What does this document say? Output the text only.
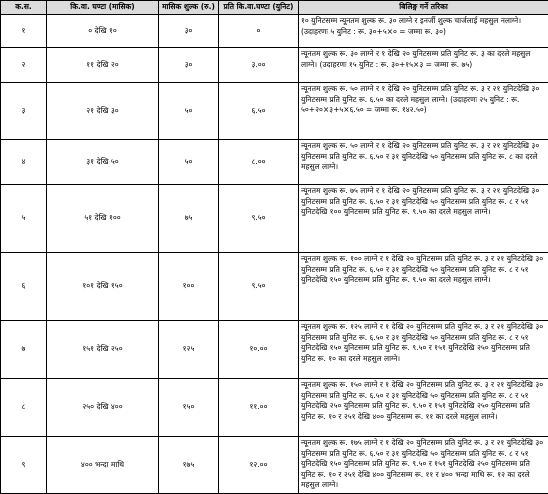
क.स.	कि.वा. घण्टा (मासिक)	मासिक शुल्क (रु.)	प्रति कि.वा.घण्टा (युनिट)	बिलिङ्ग गर्ने तरिका
१	० देखि १०	३०	०	१० युनिटसम्म न्यूनतम शुल्क रू. ३० लाग्ने र इनर्जी शुल्क चार्जलाई महसुल नलाग्ने। (उदाहरणः ५ युनिट : रू. ३०+५×० = जम्मा रू. ३०)
२	११ देखि २०	३०	३.००	न्यूनतम शुल्क रू. ३० लाग्ने र १ देखि २० युनिटसम्म प्रति युनिट रू. ३ का दरले महसुल लाग्ने। (उदाहरणः १५ युनिट : रू. ३०+१५×३ = जम्मा रू. ७५)
३	२१ देखि ३०	५०	६.५०	न्यूनतम शुल्क रू. ५० लाग्ने र १ देखि २० युनिटसम्म प्रति युनिट रू. ३ र २१ युनिटदेखि ३० युनिटसम्म प्रति युनिट रू. ६.५० का दरले महसुल लाग्ने। (उदाहरणः २५ युनिट : रू. ५०+२०×३+५×६.५० = जम्मा रू. १४२.५०)
४	३१ देखि ५०	५०	८.००	न्यूनतम शुल्क रू. ५० लाग्ने र १ देखि २० युनिटसम्म प्रति युनिट रू. ३ र २१ युनिटदेखि ३० युनिटसम्म प्रति युनिट रू. ६.५० र ३१ युनिटदेखि ५० युनिटसम्म प्रति युनिट रू. ८ का दरले महसुल लाग्ने।
५	५१ देखि १००	७५	९.५०	न्यूनतम शुल्क रू. ७५ लाग्ने र १ देखि २० युनिटसम्म प्रति युनिट रू. ३ र २१ युनिटदेखि ३० युनिटसम्म प्रति युनिट रू. ६.५० र ३१ युनिटदेखि ५० युनिटसम्म प्रति युनिट रू. ८ र ५१ युनिटदेखि १०० युनिटसम्म प्रति युनिट रू. ९.५० का दरले महसुल लाग्ने।
६	१०१ देखि १५०	१००	९.५०	न्यूनतम शुल्क रू. १०० लाग्ने र १ देखि २० युनिटसम्म प्रति युनिट रू. ३ र २१ युनिटदेखि ३० युनिटसम्म प्रति युनिट रू. ६.५० र ३१ युनिटदेखि ५० युनिटसम्म प्रति युनिट रू. ८ र ५१ युनिटदेखि १५० युनिटसम्म प्रति युनिट रू. ९.५० का दरले महसुल लाग्ने।
७	१५१ देखि २५०	१२५	१०.००	न्यूनतम शुल्क रू. १२५ लाग्ने र १ देखि २० युनिटसम्म प्रति युनिट रू. ३ र २१ युनिटदेखि ३० युनिटसम्म प्रति युनिट रू. ६.५० र ३१ युनिटदेखि ५० युनिटसम्म प्रति युनिट रू. ८ र ५१ युनिटदेखि १५० युनिटसम्म प्रति युनिट रू. ९.५० र १५१ युनिटदेखि २५० युनिटसम्म प्रति युनिट रू. १० का दरले महसुल लाग्ने।
८	२५० देखि ४००	१५०	११.००	न्यूनतम शुल्क रू. १५० लाग्ने र १ देखि २० युनिटसम्म प्रति युनिट रू. ३ र २१ युनिटदेखि ३० युनिटसम्म प्रति युनिट रू. ६.५० र ३१ युनिटदेखि ५० युनिटसम्म प्रति युनिट रू. ८ र ५१ युनिटदेखि २५० युनिटसम्म प्रति युनिट रू. ९.५० र १५१ युनिटदेखि २५० युनिटसम्म प्रति युनिट रू. १० र २५१ देखि ४०० युनिटसम्म रू. ११ का दरले महसुल लाग्ने।
९	४०० भन्दा माथि	१७५	१२.००	न्यूनतम शुल्क रू. १७५ लाग्ने र १ देखि २० युनिटसम्म प्रति युनिट रू. ३ र २१ युनिटदेखि ३० युनिटसम्म प्रति युनिट रू. ६.५० र ३१ युनिटदेखि ५० युनिटसम्म प्रति युनिट रू. ८ र ५१ युनिटदेखि १५० युनिटसम्म प्रति युनिट रू. ९.५० र १५१ युनिटदेखि २५० युनिटसम्म प्रति युनिट रू. १० र २५१ देखि ४०० युनिटसम्म रू. ११ र ४०० भन्दा माथि रू. १२ का दरले महसुल लाग्ने।
